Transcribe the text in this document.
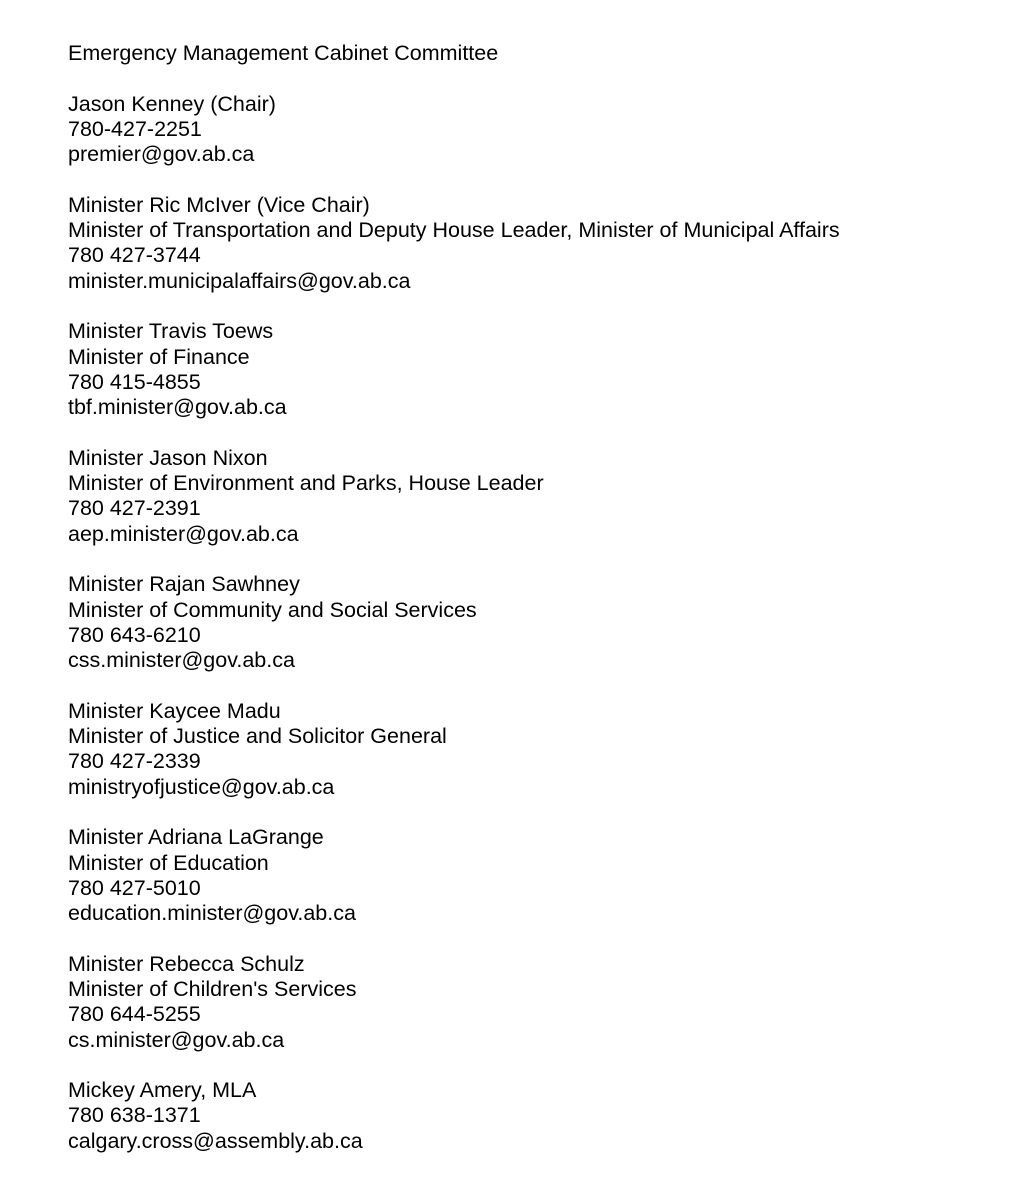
Emergency Management Cabinet Committee
Jason Kenney (Chair)
780-427-2251
premier@gov.ab.ca
Minister Ric McIver (Vice Chair)
Minister of Transportation and Deputy House Leader, Minister of Municipal Affairs
780 427-3744
minister.municipalaffairs@gov.ab.ca
Minister Travis Toews
Minister of Finance
780 415-4855
tbf.minister@gov.ab.ca
Minister Jason Nixon
Minister of Environment and Parks, House Leader
780 427-2391
aep.minister@gov.ab.ca
Minister Rajan Sawhney
Minister of Community and Social Services
780 643-6210
css.minister@gov.ab.ca
Minister Kaycee Madu
Minister of Justice and Solicitor General
780 427-2339
ministryofjustice@gov.ab.ca
Minister Adriana LaGrange
Minister of Education
780 427-5010
education.minister@gov.ab.ca
Minister Rebecca Schulz
Minister of Children's Services
780 644-5255
cs.minister@gov.ab.ca
Mickey Amery, MLA
780 638-1371
calgary.cross@assembly.ab.ca
